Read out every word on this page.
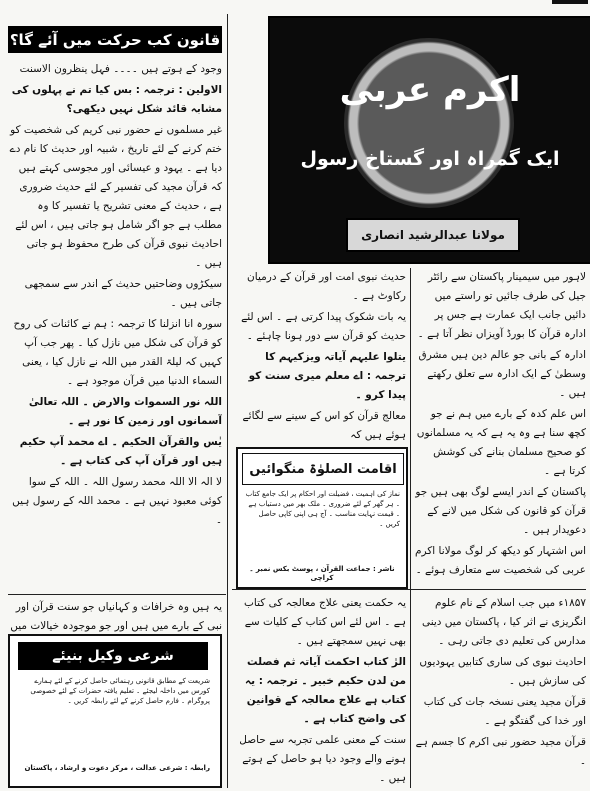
قانون کب حرکت میں آئے گا؟

وجود کے ہوتے ہیں ۔۔۔۔ فہل ینظرون الاسنت

الاولین : ترجمہ : بس کیا تم نے پہلوں کی مشابہ قائد شکل نہیں دیکھی؟

غیر مسلموں نے حضور نبی کریم کی شخصیت کو ختم کرنے کے لئے تاریخ ، شبیہ اور حدیث کا نام دے دیا ہے ۔ یہود و عیسائی اور مجوسی کہتے ہیں کہ قرآن مجید کی تفسیر کے لئے حدیث ضروری ہے ، حدیث کے معنی تشریح یا تفسیر کا وہ مطلب ہے جو اگر شامل ہو جاتی ہیں ، اس لئے احادیث نبوی قرآن کی طرح محفوظ ہو جاتی ہیں ۔

سیکڑوں وضاحتیں حدیث کے اندر سے سمجھی جاتی ہیں ۔

سورہ انا انزلنا کا ترجمہ : ہم نے کائنات کی روح کو قرآن کی شکل میں نازل کیا ۔ پھر جب آپ کہیں کہ لیلۃ القدر میں اللہ نے نازل کیا ، یعنی السماء الدنیا میں قرآن موجود ہے ۔

اللہ نور السموات والارض ۔ اللہ تعالیٰ آسمانوں اور زمین کا نور ہے ۔

یٰس والقرآن الحکیم ۔ اے محمد آپ حکیم ہیں اور قرآن آپ کی کتاب ہے ۔

لا الہ الا اللہ محمد رسول اللہ ۔ اللہ کے سوا کوئی معبود نہیں ہے ۔ محمد اللہ کے رسول ہیں ۔

یہ ہیں وہ خرافات و کہانیاں جو سنت قرآن اور نبی کے بارے میں ہیں اور جو موجودہ خیالات میں

اکرم عربی
ایک گمراہ اور گستاخ رسول
مولانا عبدالرشید انصاری

حدیث نبوی امت اور قرآن کے درمیان رکاوٹ ہے ۔

یہ بات شکوک پیدا کرتی ہے ۔ اس لئے حدیث کو قرآن سے دور ہونا چاہئے ۔

یتلوا علیہم آیاتہ ویزکیہم کا ترجمہ : اے معلم میری سنت کو پیدا کرو ۔

معالج قرآن کو اس کے سینے سے لگائے ہوئے ہیں کہ

اقامت الصلوٰۃ منگوائیں
نماز کی اہمیت ، فضیلت اور احکام پر ایک جامع کتاب ۔ ہر گھر کے لئے ضروری ۔ ملک بھر میں دستیاب ہے ۔ قیمت نہایت مناسب ۔ آج ہی اپنی کاپی حاصل کریں ۔
ناشر : جماعت القرآن ، پوسٹ بکس نمبر ۔ کراچی

یہ حکمت یعنی علاج معالجہ کی کتاب ہے ۔ اس لئے اس کتاب کے کلیات سے بھی نہیں سمجھتے ہیں ۔

الرٰ کتاب احکمت آیاتہ ثم فصلت من لدن حکیم خبیر ۔ ترجمہ : یہ کتاب ہے علاج معالجہ کے قوانین کی واضح کتاب ہے ۔

سنت کے معنی علمی تجربہ سے حاصل ہونے والے وجود دیا ہو حاصل کے ہوتے ہیں ۔

لاہور میں سیمینار پاکستان سے رائٹر جیل کی طرف جائیں تو راستے میں دائیں جانب ایک عمارت ہے جس پر ادارہ قرآن کا بورڈ آویزاں نظر آتا ہے ۔

ادارہ کے بانی جو عالم دین ہیں مشرق وسطیٰ کے ایک ادارہ سے تعلق رکھتے ہیں ۔

اس علم کدہ کے بارے میں ہم نے جو کچھ سنا ہے وہ یہ ہے کہ یہ مسلمانوں کو صحیح مسلمان بنانے کی کوشش کرتا ہے ۔

پاکستان کے اندر ایسے لوگ بھی ہیں جو قرآن کو قانون کی شکل میں لانے کے دعویدار ہیں ۔

اس اشتہار کو دیکھ کر لوگ مولانا اکرم عربی کی شخصیت سے متعارف ہوئے ۔

۱۸۵۷ء میں جب اسلام کے نام علوم انگریزی نے اثر کیا ، پاکستان میں دینی مدارس کی تعلیم دی جاتی رہی ۔

احادیث نبوی کی ساری کتابیں یہودیوں کی سازش ہیں ۔

قرآن مجید یعنی نسخہ جات کی کتاب اور خدا کی گفتگو ہے ۔

قرآن مجید حضور نبی اکرم کا جسم ہے ۔

شرعی وکیل بنیئے
شریعت کے مطابق قانونی رہنمائی حاصل کرنے کے لئے ہمارے کورس میں داخلہ لیجئے ۔ تعلیم یافتہ حضرات کے لئے خصوصی پروگرام ۔ فارم حاصل کرنے کے لئے رابطہ کریں ۔
رابطہ : شرعی عدالت ، مرکز دعوت و ارشاد ، پاکستان
